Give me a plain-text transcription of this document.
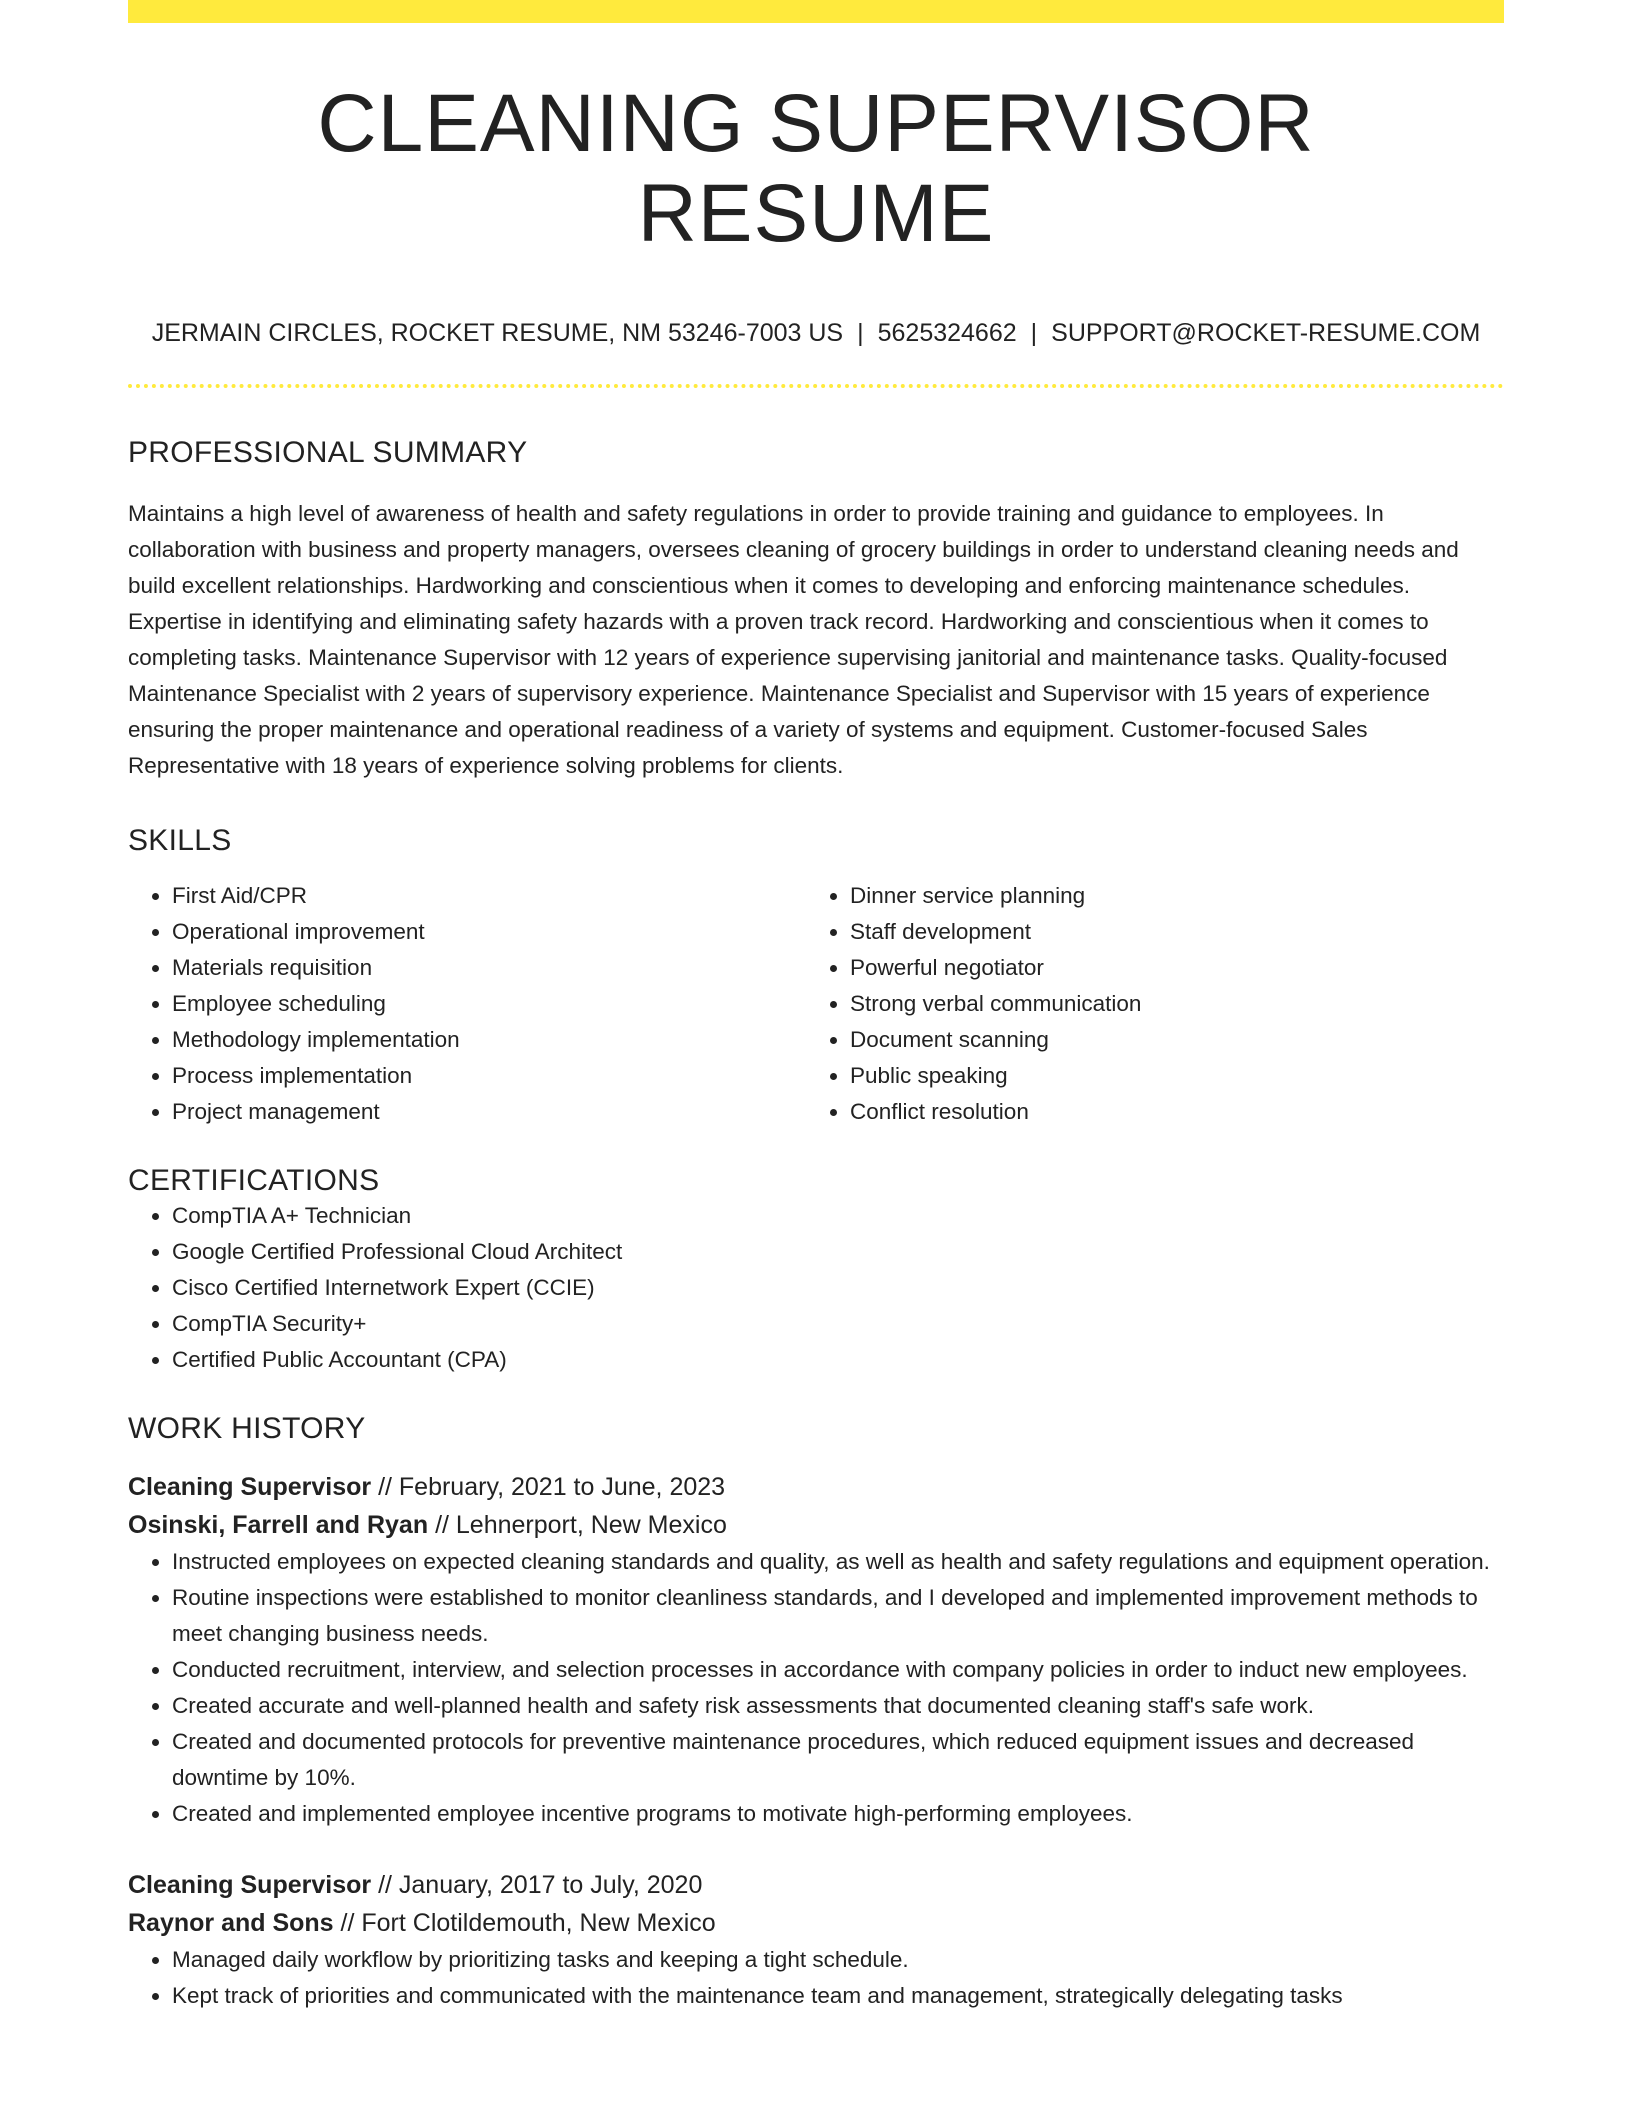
CLEANING SUPERVISOR RESUME
JERMAIN CIRCLES, ROCKET RESUME, NM 53246-7003 US | 5625324662 | SUPPORT@ROCKET-RESUME.COM
PROFESSIONAL SUMMARY
Maintains a high level of awareness of health and safety regulations in order to provide training and guidance to employees. In collaboration with business and property managers, oversees cleaning of grocery buildings in order to understand cleaning needs and build excellent relationships. Hardworking and conscientious when it comes to developing and enforcing maintenance schedules. Expertise in identifying and eliminating safety hazards with a proven track record. Hardworking and conscientious when it comes to completing tasks. Maintenance Supervisor with 12 years of experience supervising janitorial and maintenance tasks. Quality-focused Maintenance Specialist with 2 years of supervisory experience. Maintenance Specialist and Supervisor with 15 years of experience ensuring the proper maintenance and operational readiness of a variety of systems and equipment. Customer-focused Sales Representative with 18 years of experience solving problems for clients.
SKILLS
• First Aid/CPR
• Operational improvement
• Materials requisition
• Employee scheduling
• Methodology implementation
• Process implementation
• Project management
• Dinner service planning
• Staff development
• Powerful negotiator
• Strong verbal communication
• Document scanning
• Public speaking
• Conflict resolution
CERTIFICATIONS
• CompTIA A+ Technician
• Google Certified Professional Cloud Architect
• Cisco Certified Internetwork Expert (CCIE)
• CompTIA Security+
• Certified Public Accountant (CPA)
WORK HISTORY
Cleaning Supervisor // February, 2021 to June, 2023
Osinski, Farrell and Ryan // Lehnerport, New Mexico
• Instructed employees on expected cleaning standards and quality, as well as health and safety regulations and equipment operation.
• Routine inspections were established to monitor cleanliness standards, and I developed and implemented improvement methods to meet changing business needs.
• Conducted recruitment, interview, and selection processes in accordance with company policies in order to induct new employees.
• Created accurate and well-planned health and safety risk assessments that documented cleaning staff's safe work.
• Created and documented protocols for preventive maintenance procedures, which reduced equipment issues and decreased downtime by 10%.
• Created and implemented employee incentive programs to motivate high-performing employees.
Cleaning Supervisor // January, 2017 to July, 2020
Raynor and Sons // Fort Clotildemouth, New Mexico
• Managed daily workflow by prioritizing tasks and keeping a tight schedule.
• Kept track of priorities and communicated with the maintenance team and management, strategically delegating tasks
